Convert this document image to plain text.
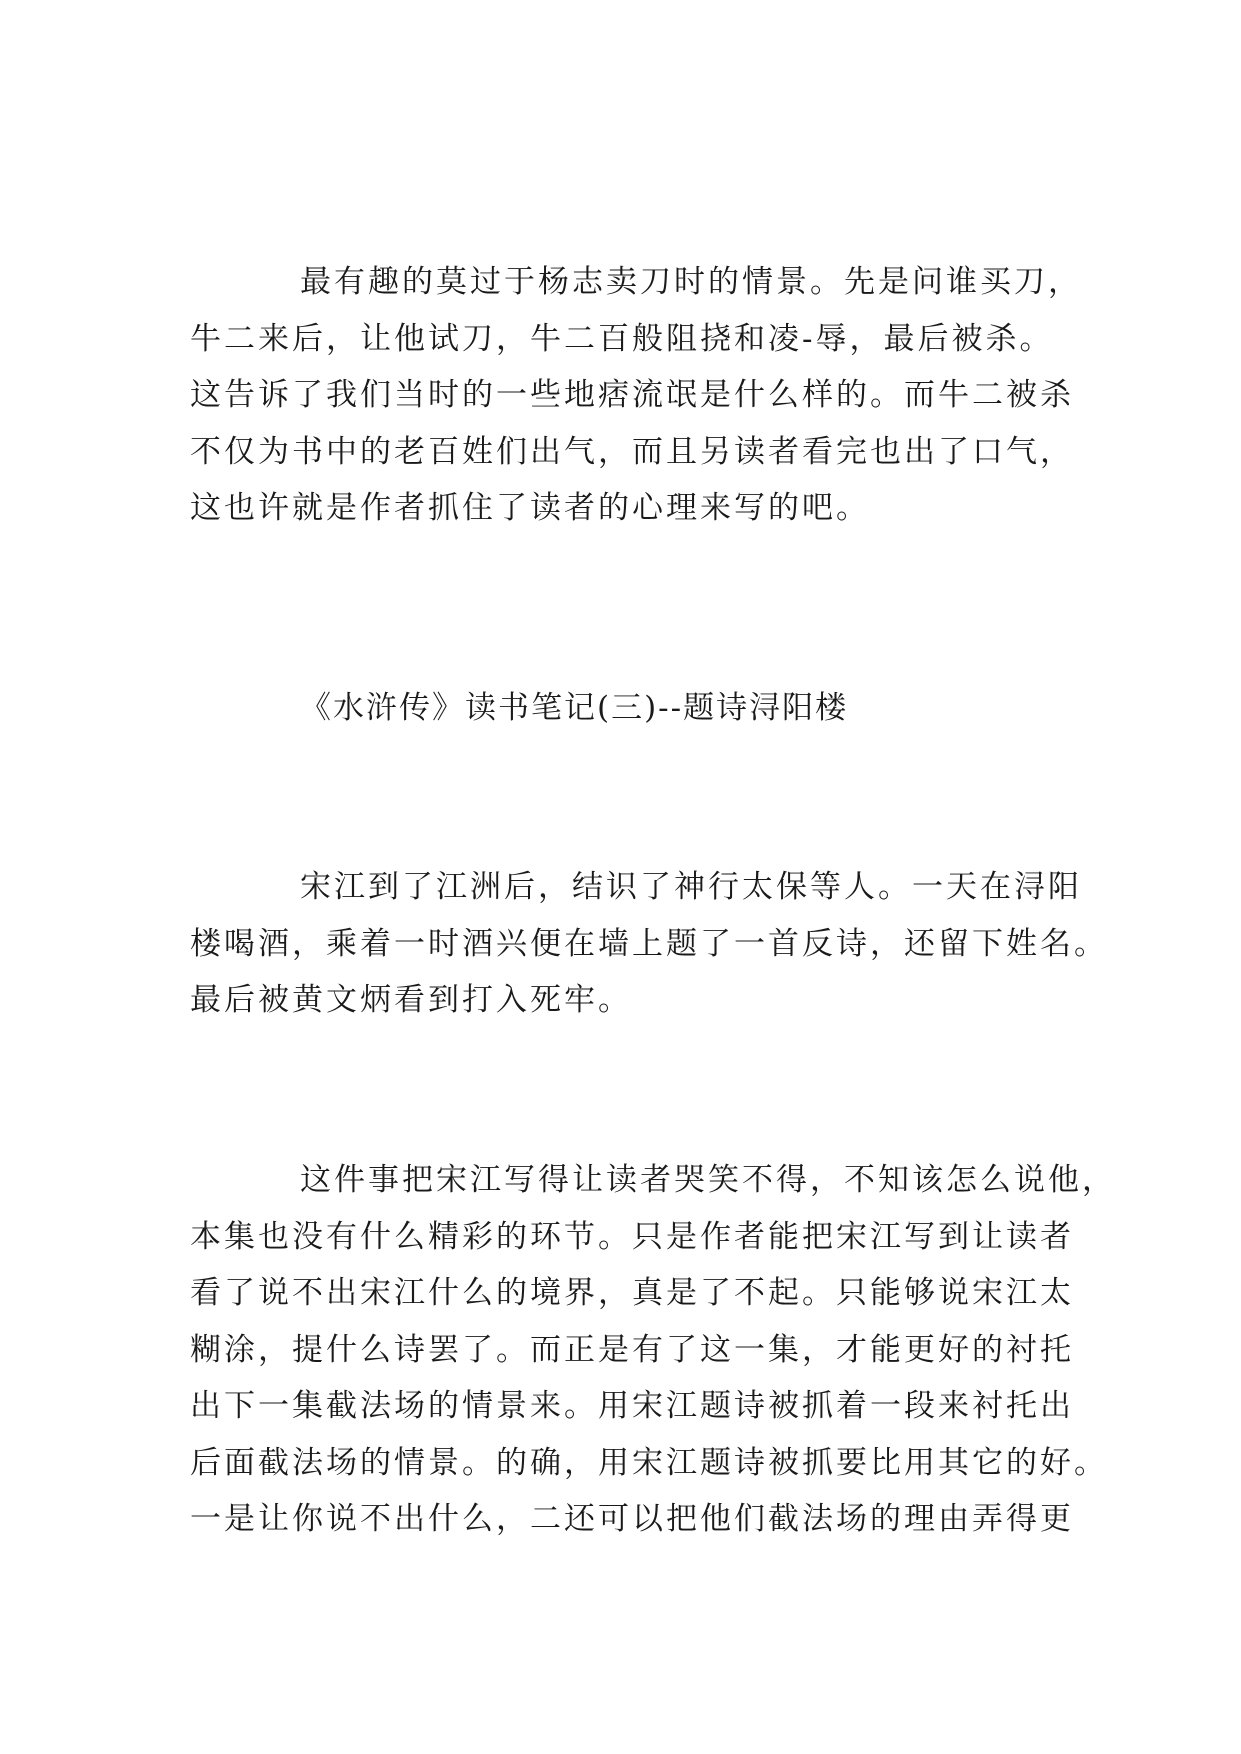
最有趣的莫过于杨志卖刀时的情景。先是问谁买刀，
牛二来后，让他试刀，牛二百般阻挠和凌-辱，最后被杀。
这告诉了我们当时的一些地痞流氓是什么样的。而牛二被杀
不仅为书中的老百姓们出气，而且另读者看完也出了口气，
这也许就是作者抓住了读者的心理来写的吧。
《水浒传》读书笔记(三)--题诗浔阳楼
宋江到了江洲后，结识了神行太保等人。一天在浔阳
楼喝酒，乘着一时酒兴便在墙上题了一首反诗，还留下姓名。
最后被黄文炳看到打入死牢。
这件事把宋江写得让读者哭笑不得，不知该怎么说他，
本集也没有什么精彩的环节。只是作者能把宋江写到让读者
看了说不出宋江什么的境界，真是了不起。只能够说宋江太
糊涂，提什么诗罢了。而正是有了这一集，才能更好的衬托
出下一集截法场的情景来。用宋江题诗被抓着一段来衬托出
后面截法场的情景。的确，用宋江题诗被抓要比用其它的好。
一是让你说不出什么，二还可以把他们截法场的理由弄得更
